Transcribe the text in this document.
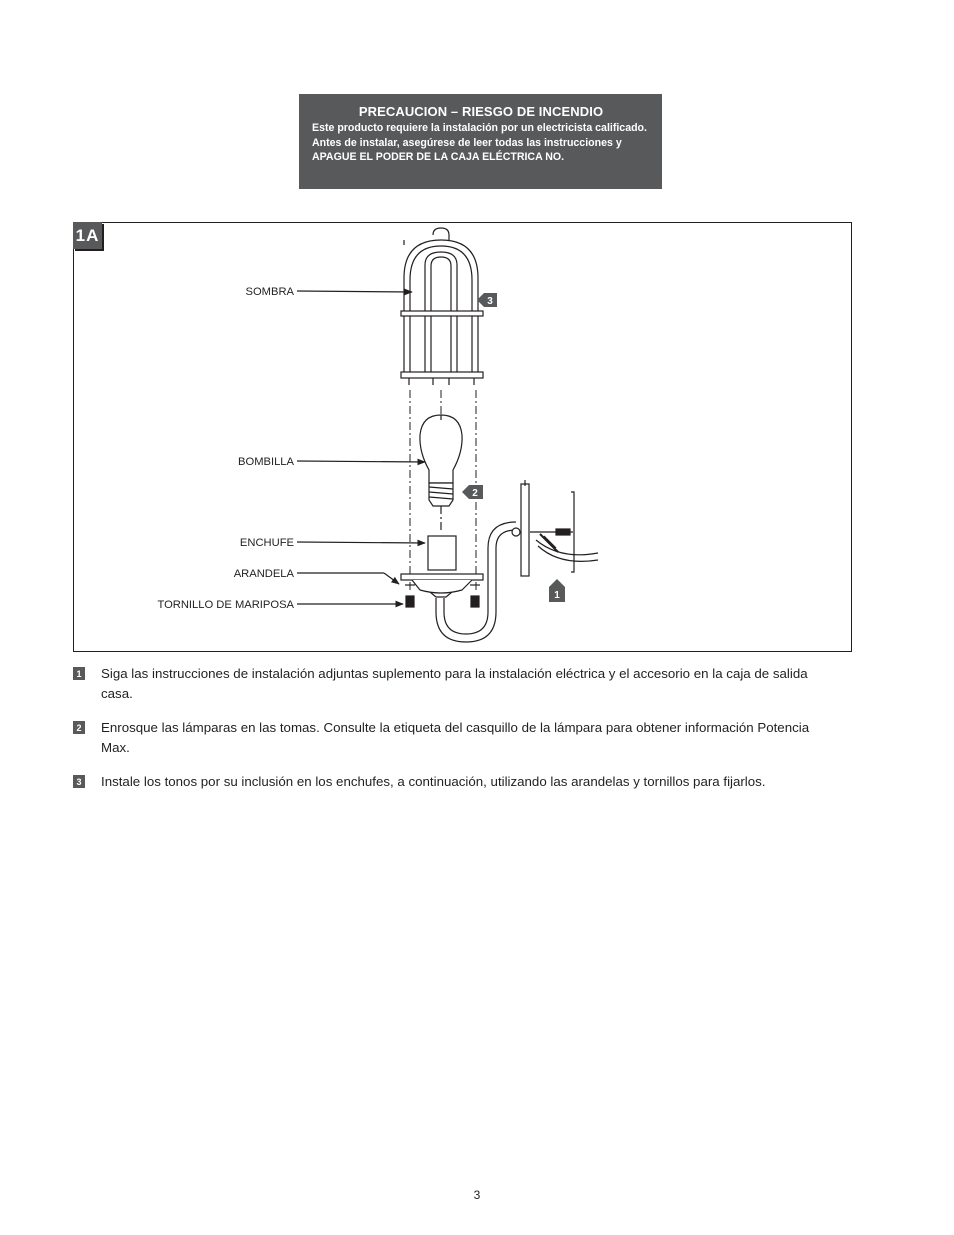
PRECAUCION – RIESGO DE INCENDIO
Este producto requiere la instalación por un electricista calificado. Antes de instalar, asegúrese de leer todas las instrucciones y APAGUE EL PODER DE LA CAJA ELÉCTRICA NO.
1A
SOMBRA
BOMBILLA
ENCHUFE
ARANDELA
TORNILLO DE MARIPOSA
3
2
1
1 Siga las instrucciones de instalación adjuntas suplemento para la instalación eléctrica y el accesorio en la caja de salida casa.
2 Enrosque las lámparas en las tomas. Consulte la etiqueta del casquillo de la lámpara para obtener información Potencia Max.
3 Instale los tonos por su inclusión en los enchufes, a continuación, utilizando las arandelas y tornillos para fijarlos.
3
